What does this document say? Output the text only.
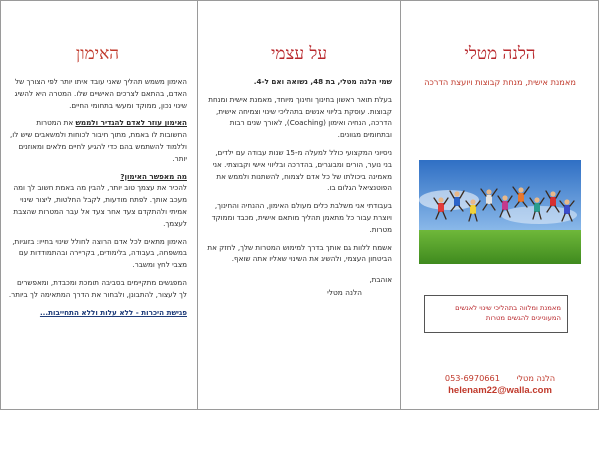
האימון

האימון משמש תהליך שאני עובד איתו יותר לפי הצורך של האדם, בהתאם לצרכים האישיים שלו. המטרה היא להשיג שינוי נכון, ממוקד ומעשי בתחומי החיים.

האימון עוזר לאדם להגדיר ולממש את המטרות החשובות לו באמת, מתוך חיבור לכוחות ולמשאבים שיש לו, וללמוד להשתמש בהם כדי להגיע לחיים מלאים ומאוזנים יותר.

מה מאפשר האימון?

להכיר את עצמך טוב יותר, להבין מה באמת חשוב לך ומה מעכב אותך. לפתח מודעות, לקבל החלטות, ליצור שינוי אמיתי ולהתקדם צעד אחר צעד אל עבר המטרות שהצבת לעצמך.

האימון מתאים לכל אדם הרוצה לחולל שינוי בחייו: בזוגיות, במשפחה, בעבודה, בלימודים, בקריירה ובהתמודדות עם מצבי לחץ ומשבר.

המפגשים מתקיימים בסביבה תומכת ומכבדת, ומאפשרים לך לעצור, להתבונן, ולבחור את הדרך המתאימה לך ביותר.

פגישת היכרות - ללא עלות וללא התחייבות...
על עצמי

שמי הלנה מטלי, בת 48, נשואה ואם ל-4.

בעלת תואר ראשון בחינוך וחינוך מיוחד, מאמנת אישית ומנחת קבוצות. עוסקת בליווי אנשים בתהליכי שינוי וצמיחה אישית, הדרכה, הנחיה ואימון (Coaching), לאורך שנים רבות ובתחומים מגוונים.

ניסיוני המקצועי כולל למעלה מ-15 שנות עבודה עם ילדים, בני נוער, הורים ומבוגרים, בהדרכה ובליווי אישי וקבוצתי. אני מאמינה ביכולתו של כל אדם לצמוח, להשתנות ולממש את הפוטנציאל הגלום בו.

בעבודתי אני משלבת כלים מעולם האימון, ההנחיה והחינוך, ויוצרת עבור כל מתאמן תהליך מותאם אישית, מכבד וממוקד מטרות.

אשמח ללוות גם אותך בדרך למימוש המטרות שלך, לחזק את הביטחון העצמי, ולהשיג את השינוי שאליו אתה שואף.

אוהבת,
הלנה מטלי
הלנה מטלי
מאמנת אישית, מנחת קבוצות ויועצת הדרכה
מאמנת ומלווה בתהליכי שינוי לאנשים המעוניינים להגשים מטרות
הלנה מטלי 053-6970661
helenam22@walla.com
